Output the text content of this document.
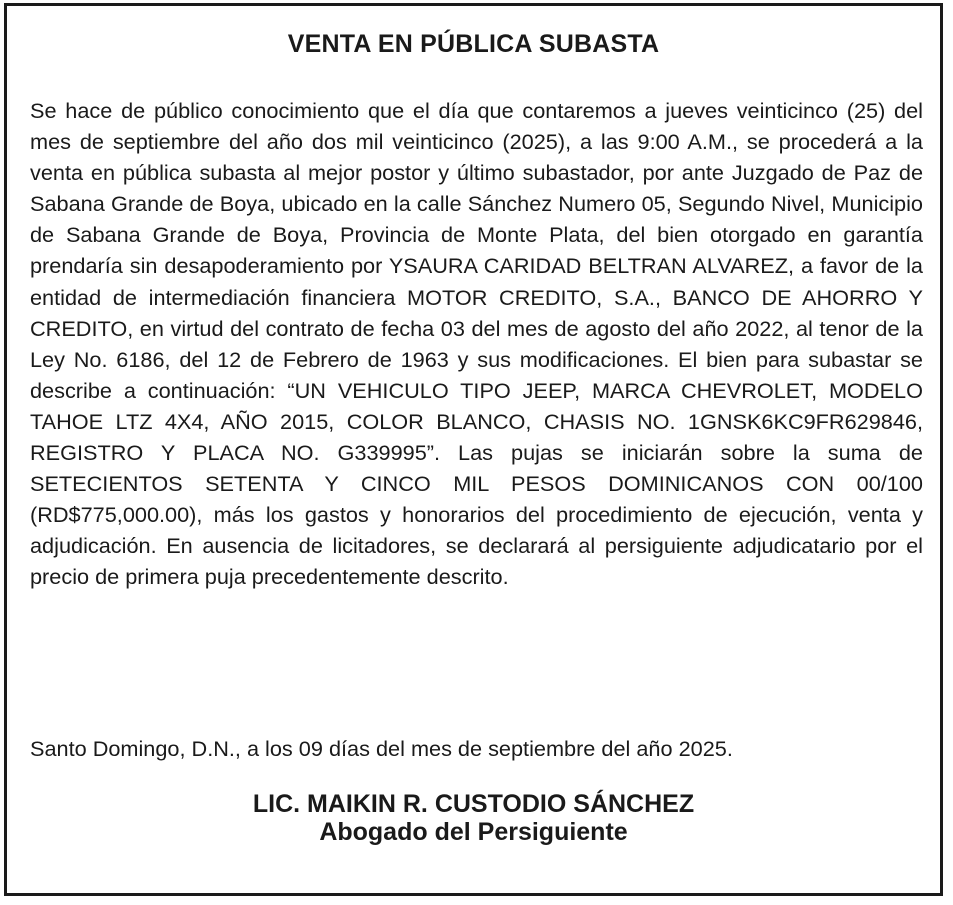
VENTA EN PÚBLICA SUBASTA
Se hace de público conocimiento que el día que contaremos a jueves veinticinco (25) del mes de septiembre del año dos mil veinticinco (2025), a las 9:00 A.M., se procederá a la venta en pública subasta al mejor postor y último subastador, por ante Juzgado de Paz de Sabana Grande de Boya, ubicado en la calle Sánchez Numero 05, Segundo Nivel, Municipio de Sabana Grande de Boya, Provincia de Monte Plata, del bien otorgado en garantía prendaría sin desapoderamiento por YSAURA CARIDAD BELTRAN ALVAREZ, a favor de la entidad de intermediación financiera MOTOR CREDITO, S.A., BANCO DE AHORRO Y CREDITO, en virtud del contrato de fecha 03 del mes de agosto del año 2022, al tenor de la Ley No. 6186, del 12 de Febrero de 1963 y sus modificaciones. El bien para subastar se describe a continuación: “UN VEHICULO TIPO JEEP, MARCA CHEVROLET, MODELO TAHOE LTZ 4X4, AÑO 2015, COLOR BLANCO, CHASIS NO. 1GNSK6KC9FR629846, REGISTRO Y PLACA NO. G339995”. Las pujas se iniciarán sobre la suma de SETECIENTOS SETENTA Y CINCO MIL PESOS DOMINICANOS CON 00/100 (RD$775,000.00), más los gastos y honorarios del procedimiento de ejecución, venta y adjudicación. En ausencia de licitadores, se declarará al persiguiente adjudicatario por el precio de primera puja precedentemente descrito.
Santo Domingo, D.N., a los 09 días del mes de septiembre del año 2025.
LIC. MAIKIN R. CUSTODIO SÁNCHEZ
Abogado del Persiguiente
